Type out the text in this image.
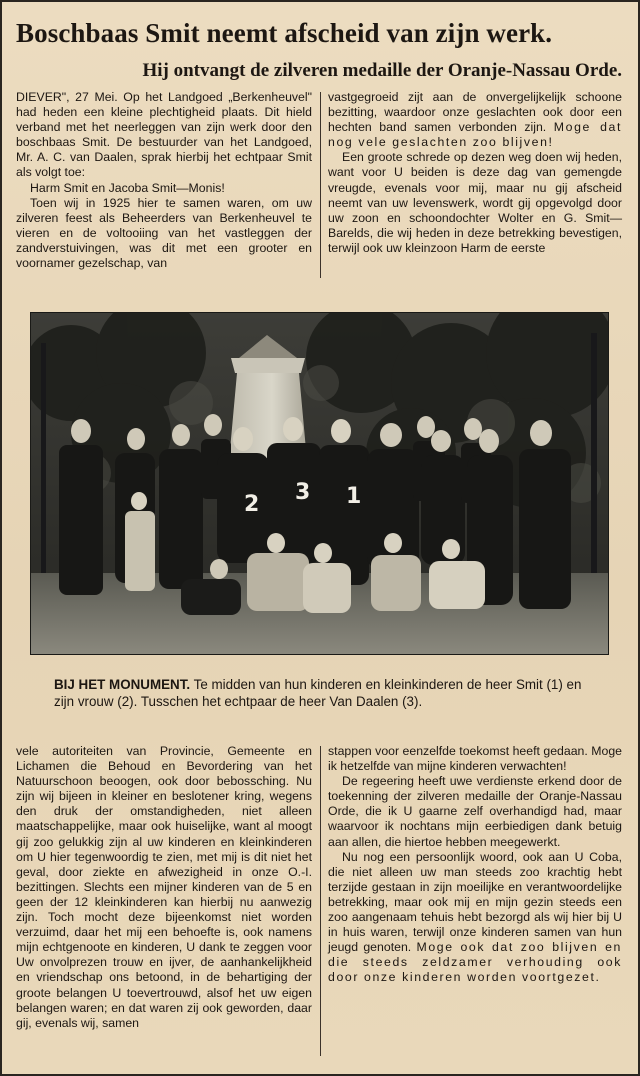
Boschbaas Smit neemt afscheid van zijn werk.
Hij ontvangt de zilveren medaille der Oranje-Nassau Orde.

DIEVER", 27 Mei. Op het Landgoed „Berkenheuvel" had heden een kleine plechtigheid plaats. Dit hield verband met het neerleggen van zijn werk door den boschbaas Smit. De bestuurder van het Landgoed, Mr. A. C. van Daalen, sprak hierbij het echtpaar Smit als volgt toe:

Harm Smit en Jacoba Smit—Monis!

Toen wij in 1925 hier te samen waren, om uw zilveren feest als Beheerders van Berkenheuvel te vieren en de voltooiing van het vastleggen der zandverstuivingen, was dit met een grooter en voornamer gezelschap, van

vastgegroeid zijt aan de onvergelijkelijk schoone bezitting, waardoor onze geslachten ook door een hechten band samen verbonden zijn. Moge dat nog vele geslachten zoo blijven!

Een groote schrede op dezen weg doen wij heden, want voor U beiden is deze dag van gemengde vreugde, evenals voor mij, maar nu gij afscheid neemt van uw levenswerk, wordt gij opgevolgd door uw zoon en schoondochter Wolter en G. Smit—Barelds, die wij heden in deze betrekking bevestigen, terwijl ook uw kleinzoon Harm de eerste

2 3 1
BIJ HET MONUMENT. Te midden van hun kinderen en kleinkinderen de heer Smit (1) en zijn vrouw (2). Tusschen het echtpaar de heer Van Daalen (3).

vele autoriteiten van Provincie, Gemeente en Lichamen die Behoud en Bevordering van het Natuurschoon beoogen, ook door bebossching. Nu zijn wij bijeen in kleiner en beslotener kring, wegens den druk der omstandigheden, niet alleen maatschappelijke, maar ook huiselijke, want al moogt gij zoo gelukkig zijn al uw kinderen en kleinkinderen om U hier tegenwoordig te zien, met mij is dit niet het geval, door ziekte en afwezigheid in onze O.-I. bezittingen. Slechts een mijner kinderen van de 5 en geen der 12 kleinkinderen kan hierbij nu aanwezig zijn. Toch mocht deze bijeenkomst niet worden verzuimd, daar het mij een behoefte is, ook namens mijn echtgenoote en kinderen, U dank te zeggen voor Uw onvolprezen trouw en ijver, de aanhankelijkheid en vriendschap ons betoond, in de behartiging der groote belangen U toevertrouwd, alsof het uw eigen belangen waren; en dat waren zij ook geworden, daar gij, evenals wij, samen

stappen voor eenzelfde toekomst heeft gedaan. Moge ik hetzelfde van mijne kinderen verwachten!

De regeering heeft uwe verdienste erkend door de toekenning der zilveren medaille der Oranje-Nassau Orde, die ik U gaarne zelf overhandigd had, maar waarvoor ik nochtans mijn eerbiedigen dank betuig aan allen, die hiertoe hebben meegewerkt.

Nu nog een persoonlijk woord, ook aan U Coba, die niet alleen uw man steeds zoo krachtig hebt terzijde gestaan in zijn moeilijke en verantwoordelijke betrekking, maar ook mij en mijn gezin steeds een zoo aangenaam tehuis hebt bezorgd als wij hier bij U in huis waren, terwijl onze kinderen samen van hun jeugd genoten. Moge ook dat zoo blijven en die steeds zeldzamer verhouding ook door onze kinderen worden voortgezet.
